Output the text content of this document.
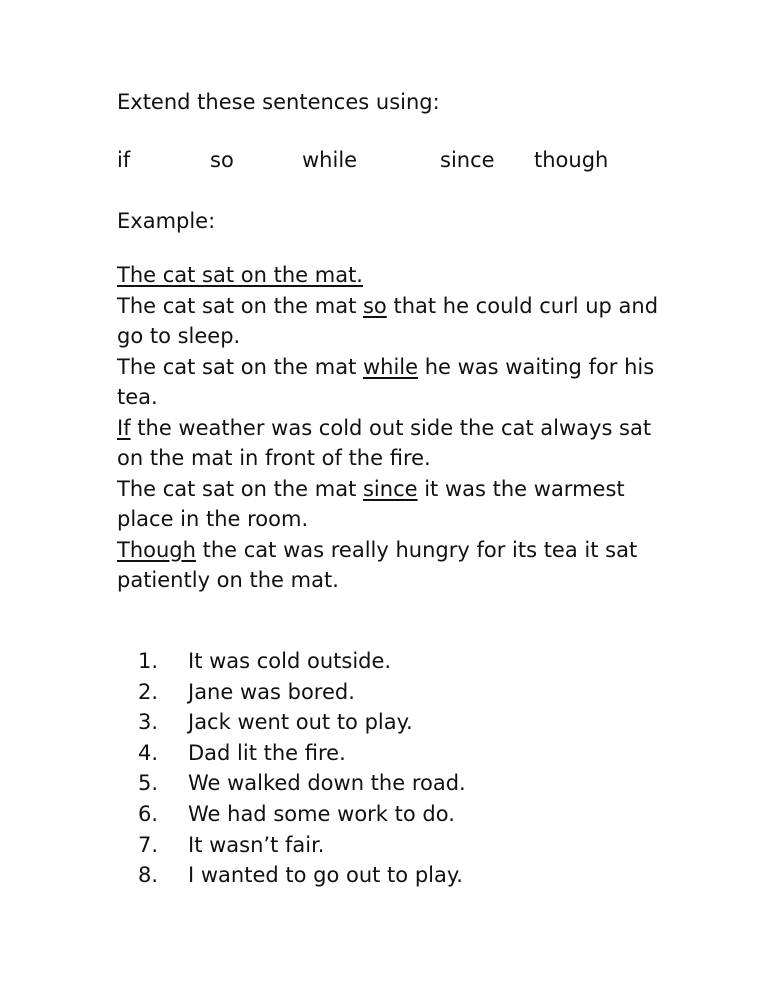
Extend these sentences using:
if	so	while	since though
Example:

The cat sat on the mat.

The cat sat on the mat so that he could curl up and go to sleep.

The cat sat on the mat while he was waiting for his tea.

If the weather was cold out side the cat always sat on the mat in front of the fire.

The cat sat on the mat since it was the warmest place in the room.

Though the cat was really hungry for its tea it sat patiently on the mat.

1. It was cold outside.
2. Jane was bored.
3. Jack went out to play.
4. Dad lit the fire.
5. We walked down the road.
6. We had some work to do.
7. It wasn’t fair.
8. I wanted to go out to play.
